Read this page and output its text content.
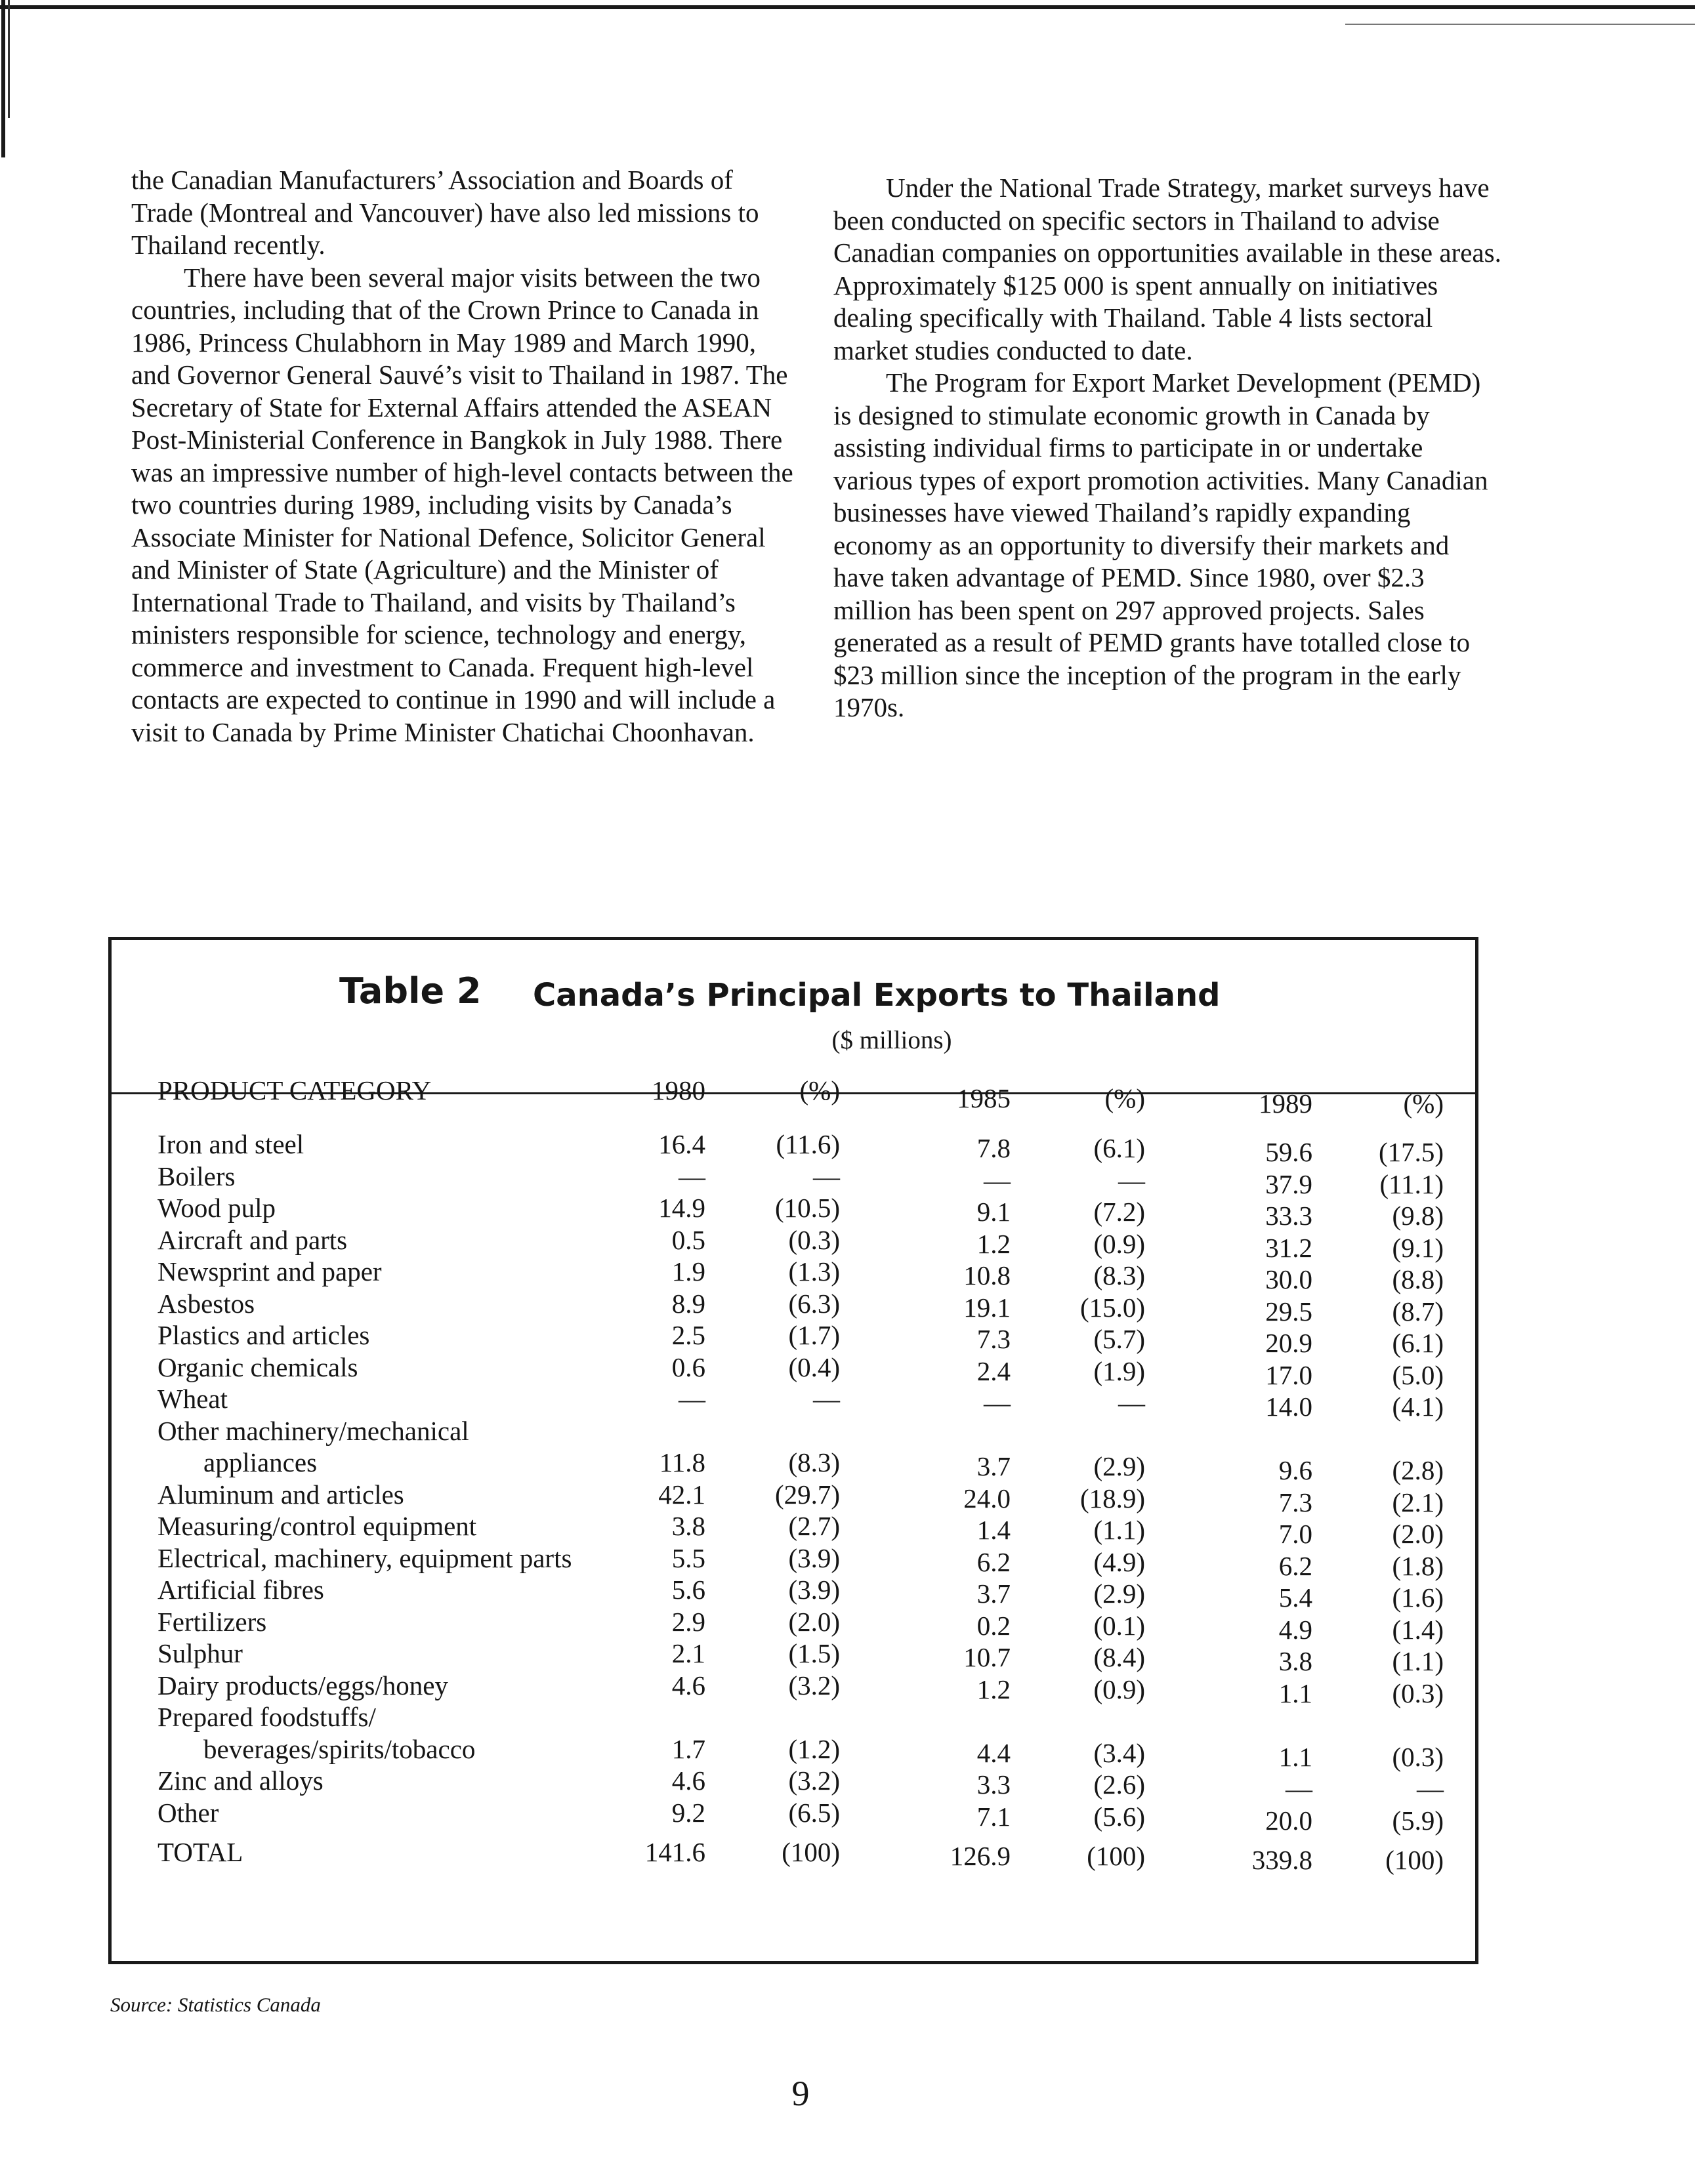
the Canadian Manufacturers’ Association and Boards of Trade (Montreal and Vancouver) have also led missions to Thailand recently.

There have been several major visits between the two countries, including that of the Crown Prince to Canada in 1986, Princess Chulabhorn in May 1989 and March 1990, and Governor General Sauvé’s visit to Thailand in 1987. The Secretary of State for External Affairs attended the ASEAN Post-Ministerial Conference in Bangkok in July 1988. There was an impressive number of high-level contacts between the two countries during 1989, including visits by Canada’s Associate Minister for National Defence, Solicitor General and Minister of State (Agriculture) and the Minister of International Trade to Thailand, and visits by Thailand’s ministers responsible for science, technology and energy, commerce and investment to Canada. Frequent high-level contacts are expected to continue in 1990 and will include a visit to Canada by Prime Minister Chatichai Choonhavan.

Under the National Trade Strategy, market surveys have been conducted on specific sectors in Thailand to advise Canadian companies on opportunities available in these areas. Approximately $125 000 is spent annually on initiatives dealing specifically with Thailand. Table 4 lists sectoral market studies conducted to date.

The Program for Export Market Development (PEMD) is designed to stimulate economic growth in Canada by assisting individual firms to participate in or undertake various types of export promotion activities. Many Canadian businesses have viewed Thailand’s rapidly expanding economy as an opportunity to diversify their markets and have taken advantage of PEMD. Since 1980, over $2.3 million has been spent on 297 approved projects. Sales generated as a result of PEMD grants have totalled close to $23 million since the inception of the program in the early 1970s.

Table 2 Canada’s Principal Exports to Thailand
($ millions)
PRODUCT CATEGORY	1980	(%)	1985	(%)	1989	(%)
Iron and steel	16.4	(11.6)	7.8	(6.1)	59.6	(17.5)
Boilers	—	—	—	—	37.9	(11.1)
Wood pulp	14.9	(10.5)	9.1	(7.2)	33.3	(9.8)
Aircraft and parts	0.5	(0.3)	1.2	(0.9)	31.2	(9.1)
Newsprint and paper	1.9	(1.3)	10.8	(8.3)	30.0	(8.8)
Asbestos	8.9	(6.3)	19.1	(15.0)	29.5	(8.7)
Plastics and articles	2.5	(1.7)	7.3	(5.7)	20.9	(6.1)
Organic chemicals	0.6	(0.4)	2.4	(1.9)	17.0	(5.0)
Wheat	—	—	—	—	14.0	(4.1)
Other machinery/mechanical
appliances	11.8	(8.3)	3.7	(2.9)	9.6	(2.8)
Aluminum and articles	42.1	(29.7)	24.0	(18.9)	7.3	(2.1)
Measuring/control equipment	3.8	(2.7)	1.4	(1.1)	7.0	(2.0)
Electrical, machinery, equipment parts	5.5	(3.9)	6.2	(4.9)	6.2	(1.8)
Artificial fibres	5.6	(3.9)	3.7	(2.9)	5.4	(1.6)
Fertilizers	2.9	(2.0)	0.2	(0.1)	4.9	(1.4)
Sulphur	2.1	(1.5)	10.7	(8.4)	3.8	(1.1)
Dairy products/eggs/honey	4.6	(3.2)	1.2	(0.9)	1.1	(0.3)
Prepared foodstuffs/
beverages/spirits/tobacco	1.7	(1.2)	4.4	(3.4)	1.1	(0.3)
Zinc and alloys	4.6	(3.2)	3.3	(2.6)	—	—
Other	9.2	(6.5)	7.1	(5.6)	20.0	(5.9)
TOTAL	141.6	(100)	126.9	(100)	339.8	(100)
Source: Statistics Canada
9
